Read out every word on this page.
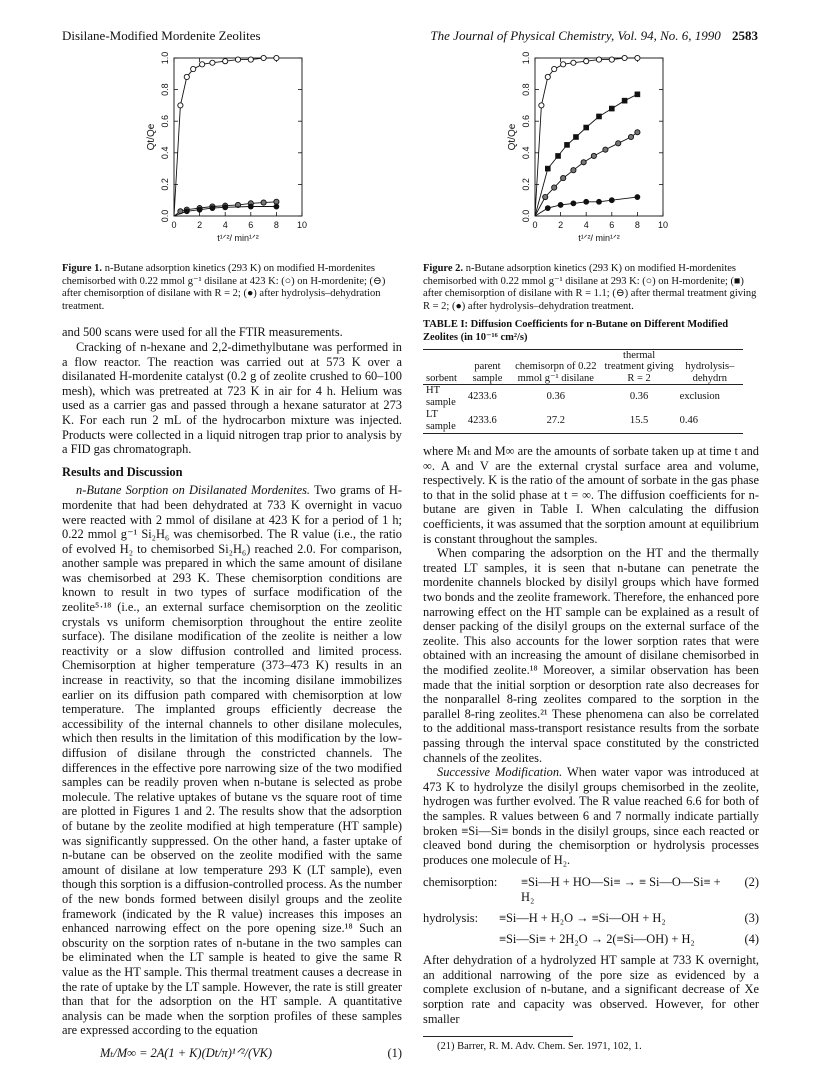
Disilane-Modified Mordenite Zeolites	The Journal of Physical Chemistry, Vol. 94, No. 6, 1990 2583
0 2 4 6 8 10
0.0
0.2
0.4
0.6
0.8
1.0
t¹ᐟ²/ min¹ᐟ²
Qt/Qe
Figure 1. n-Butane adsorption kinetics (293 K) on modified H-mordenites chemisorbed with 0.22 mmol g⁻¹ disilane at 423 K: (○) on H-mordenite; (⊖) after chemisorption of disilane with R = 2; (●) after hydrolysis–dehydration treatment.

and 500 scans were used for all the FTIR measurements.

Cracking of n-hexane and 2,2-dimethylbutane was performed in a flow reactor. The reaction was carried out at 573 K over a disilanated H-mordenite catalyst (0.2 g of zeolite crushed to 60–100 mesh), which was pretreated at 723 K in air for 4 h. Helium was used as a carrier gas and passed through a hexane saturator at 273 K. For each run 2 mL of the hydrocarbon mixture was injected. Products were collected in a liquid nitrogen trap prior to analysis by a FID gas chromatograph.

Results and Discussion

n-Butane Sorption on Disilanated Mordenites. Two grams of H-mordenite that had been dehydrated at 733 K overnight in vacuo were reacted with 2 mmol of disilane at 423 K for a period of 1 h; 0.22 mmol g⁻¹ Si₂H₆ was chemisorbed. The R value (i.e., the ratio of evolved H₂ to chemisorbed Si₂H₆) reached 2.0. For comparison, another sample was prepared in which the same amount of disilane was chemisorbed at 293 K. These chemisorption conditions are known to result in two types of surface modification of the zeolite⁵·¹⁸ (i.e., an external surface chemisorption on the zeolitic crystals vs uniform chemisorption throughout the entire zeolite surface). The disilane modification of the zeolite is neither a low reactivity or a slow diffusion controlled and limited process. Chemisorption at higher temperature (373–473 K) results in an increase in reactivity, so that the incoming disilane immobilizes earlier on its diffusion path compared with chemisorption at low temperature. The implanted groups efficiently decrease the accessibility of the internal channels to other disilane molecules, which then results in the limitation of this modification by the low-diffusion of disilane through the constricted channels. The differences in the effective pore narrowing size of the two modified samples can be readily proven when n-butane is selected as probe molecule. The relative uptakes of butane vs the square root of time are plotted in Figures 1 and 2. The results show that the adsorption of butane by the zeolite modified at high temperature (HT sample) was significantly suppressed. On the other hand, a faster uptake of n-butane can be observed on the zeolite modified with the same amount of disilane at low temperature 293 K (LT sample), even though this sorption is a diffusion-controlled process. As the number of the new bonds formed between disilyl groups and the zeolite framework (indicated by the R value) increases this imposes an enhanced narrowing effect on the pore opening size.¹⁸ Such an obscurity on the sorption rates of n-butane in the two samples can be eliminated when the LT sample is heated to give the same R value as the HT sample. This thermal treatment causes a decrease in the rate of uptake by the LT sample. However, the rate is still greater than that for the adsorption on the HT sample. A quantitative analysis can be made when the sorption profiles of these samples are expressed according to the equation

Mₜ/M∞ = 2A(1 + K)(Dt/π)¹ᐟ²/(VK)	(1)
0 2 4 6 8 10
0.0
0.2
0.4
0.6
0.8
1.0
t¹ᐟ²/ min¹ᐟ²
Qt/Qe
Figure 2. n-Butane adsorption kinetics (293 K) on modified H-mordenites chemisorbed with 0.22 mmol g⁻¹ disilane at 293 K: (○) on H-mordenite; (■) after chemisorption of disilane with R = 1.1; (⊖) after thermal treatment giving R = 2; (●) after hydrolysis–dehydration treatment.
TABLE I: Diffusion Coefficients for n-Butane on Different Modified Zeolites (in 10⁻¹⁶ cm²/s)
sorbent	parent sample	chemisorpn of 0.22 mmol g⁻¹ disilane	thermal treatment giving R = 2	hydrolysis–dehydrn
HT sample	4233.6	0.36	0.36	exclusion
LT sample	4233.6	27.2	15.5	0.46

where Mₜ and M∞ are the amounts of sorbate taken up at time t and ∞. A and V are the external crystal surface area and volume, respectively. K is the ratio of the amount of sorbate in the gas phase to that in the solid phase at t = ∞. The diffusion coefficients for n-butane are given in Table I. When calculating the diffusion coefficients, it was assumed that the sorption amount at equilibrium is constant throughout the samples.

When comparing the adsorption on the HT and the thermally treated LT samples, it is seen that n-butane can penetrate the mordenite channels blocked by disilyl groups which have formed two bonds and the zeolite framework. Therefore, the enhanced pore narrowing effect on the HT sample can be explained as a result of denser packing of the disilyl groups on the external surface of the zeolite. This also accounts for the lower sorption rates that were obtained with an increasing the amount of disilane chemisorbed in the modified zeolite.¹⁸ Moreover, a similar observation has been made that the initial sorption or desorption rate also decreases for the nonparallel 8-ring zeolites compared to the sorption in the parallel 8-ring zeolites.²¹ These phenomena can also be correlated to the additional mass-transport resistance results from the sorbate passing through the interval space constituted by the constricted channels of the zeolites.

Successive Modification. When water vapor was introduced at 473 K to hydrolyze the disilyl groups chemisorbed in the zeolite, hydrogen was further evolved. The R value reached 6.6 for both of the samples. R values between 6 and 7 normally indicate partially broken ≡Si—Si≡ bonds in the disilyl groups, since each reacted or cleaved bond during the chemisorption or hydrolysis processes produces one molecule of H₂.

chemisorption:	≡Si—H + HO—Si≡ → ≡ Si—O—Si≡ + H₂
(2)
hydrolysis:	≡Si—H + H₂O → ≡Si—OH + H₂	(3)
≡Si—Si≡ + 2H₂O → 2(≡Si—OH) + H₂	(4)

After dehydration of a hydrolyzed HT sample at 733 K overnight, an additional narrowing of the pore size as evidenced by a complete exclusion of n-butane, and a significant decrease of Xe sorption rate and capacity was observed. However, for other smaller

(21) Barrer, R. M. Adv. Chem. Ser. 1971, 102, 1.
